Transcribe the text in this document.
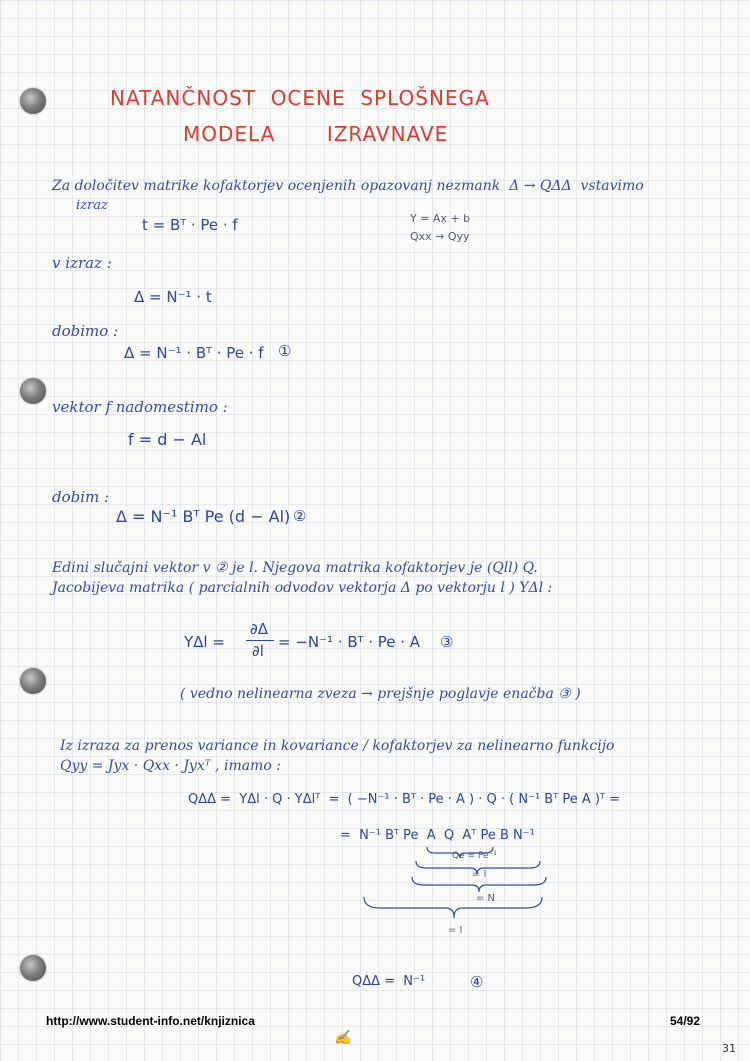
NATANČNOST  OCENE  SPLOŠNEGA
MODELA       IZRAVNAVE
Za določitev matrike kofaktorjev ocenjenih opazovanj nezmank  Δ → QΔΔ  vstavimo
izraz
t = Bᵀ · Pe · f	Y = Ax + b
Qxx → Qyy
v izraz :
Δ = N⁻¹ · t
dobimo :
Δ = N⁻¹ · Bᵀ · Pe · f ①
vektor f nadomestimo :
f = d − Al
dobim :
Δ = N⁻¹ Bᵀ Pe (d − Al) ②
Edini slučajni vektor v ② je l. Njegova matrika kofaktorjev je (Qll) Q.
Jacobijeva matrika ( parcialnih odvodov vektorja Δ po vektorju l ) YΔl :
YΔl =
∂Δ
∂l = −N⁻¹ · Bᵀ · Pe · A ③
( vedno nelinearna zveza → prejšnje poglavje enačba ③ )
Iz izraza za prenos variance in kovariance / kofaktorjev za nelinearno funkcijo
Qyy = Jyx · Qxx · Jyxᵀ , imamo :
QΔΔ =  YΔl · Q · YΔlᵀ  =  ( −N⁻¹ · Bᵀ · Pe · A ) · Q · ( N⁻¹ Bᵀ Pe A )ᵀ =
=  N⁻¹ Bᵀ Pe  A  Q  Aᵀ Pe B N⁻¹
Qe = Pe⁻¹
= I
= N
= I
QΔΔ =  N⁻¹	④
http://www.student-info.net/knjiznica	54/92
✍
31
